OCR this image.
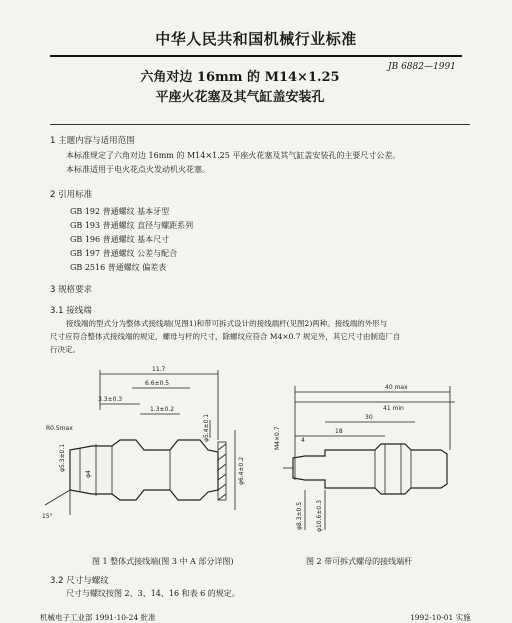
中华人民共和国机械行业标准
六角对边 16mm 的 M14×1.25
平座火花塞及其气缸盖安装孔
JB 6882—1991
1 主题内容与适用范围
本标准规定了六角对边 16mm 的 M14×1.25 平座火花塞及其气缸盖安装孔的主要尺寸公差。
本标准适用于电火花点火发动机火花塞。
2 引用标准
GB 192 普通螺纹 基本牙型
GB 193 普通螺纹 直径与螺距系列
GB 196 普通螺纹 基本尺寸
GB 197 普通螺纹 公差与配合
GB 2516 普通螺纹 偏差表
3 规格要求
3.1 接线端
接线端的型式分为整体式接线端(见图1)和带可拆式设计的接线端杆(见图2)两种。接线端的外形与
尺寸应符合整体式接线端的规定，螺母与杆的尺寸，除螺纹应符合 M4×0.7 规定外，其它尺寸由制造厂自
行决定。
11.7
6.6±0.5
3.3±0.3
1.3±0.2
R0.5max
φ5.3±0.1
φ4	φ6.4±0.2
φ5.4±0.1
15°
40 max
41 min
30
18
4
M4×0.7
φ8.3±0.5 φ10.6±0.3
图 1 整体式接线端(图 3 中 A 部分详图)	图 2 带可拆式螺母的接线端杆
3.2 尺寸与螺纹
尺寸与螺纹按图 2、3、14、16 和表 6 的规定。
机械电子工业部 1991-10-24 批准	1992-10-01 实施
